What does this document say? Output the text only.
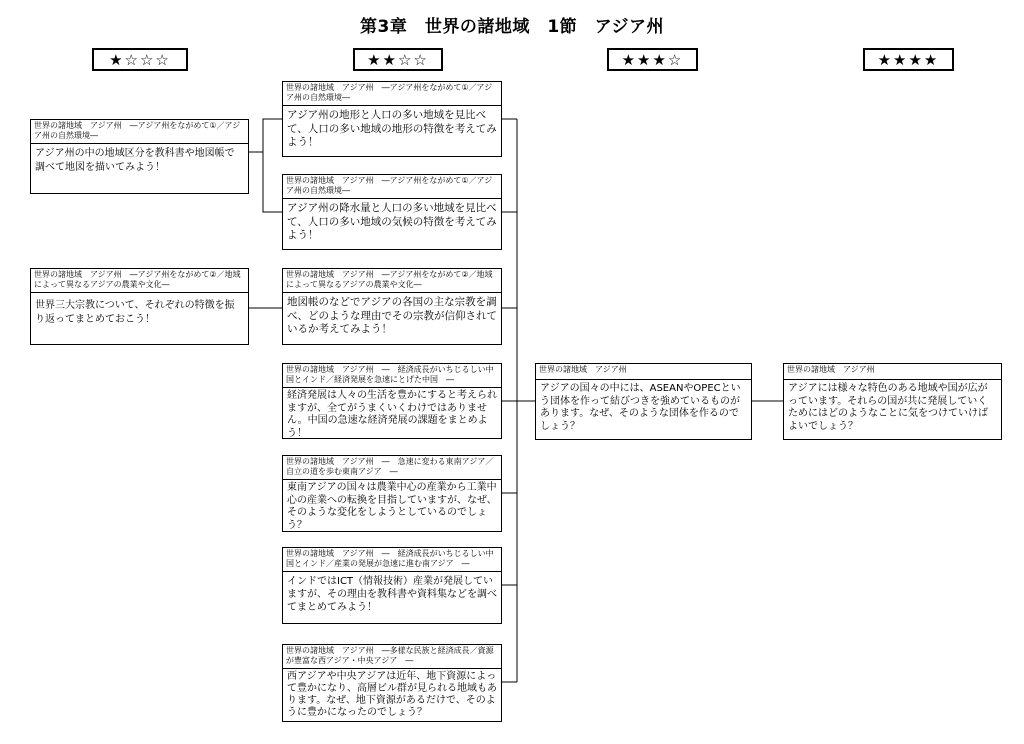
第3章　世界の諸地域　1節　アジア州
★☆☆☆	★★☆☆	★★★☆	★★★★
世界の諸地域　アジア州　―アジア州をながめて①／アジア州の自然環境―
アジア州の中の地域区分を教科書や地図帳で調べて地図を描いてみよう！
世界の諸地域　アジア州　―アジア州をながめて②／地域によって異なるアジアの農業や文化―
世界三大宗教について、それぞれの特徴を振り返ってまとめておこう！
世界の諸地域　アジア州　―アジア州をながめて①／アジア州の自然環境―
アジア州の地形と人口の多い地域を見比べて、人口の多い地域の地形の特徴を考えてみよう！
世界の諸地域　アジア州　―アジア州をながめて①／アジア州の自然環境―
アジア州の降水量と人口の多い地域を見比べて、人口の多い地域の気候の特徴を考えてみよう！
世界の諸地域　アジア州　―アジア州をながめて②／地域によって異なるアジアの農業や文化―
地図帳のなどでアジアの各国の主な宗教を調べ、どのような理由でその宗教が信仰されているか考えてみよう！
世界の諸地域　アジア州　―　経済成長がいちじるしい中国とインド／経済発展を急速にとげた中国　―
経済発展は人々の生活を豊かにすると考えられますが、全てがうまくいくわけではありません。中国の急速な経済発展の課題をまとめよう！
世界の諸地域　アジア州　―　急速に変わる東南アジア／自立の道を歩む東南アジア　―
東南アジアの国々は農業中心の産業から工業中心の産業への転換を目指していますが、なぜ、そのような変化をしようとしているのでしょう？
世界の諸地域　アジア州　―　経済成長がいちじるしい中国とインド／産業の発展が急速に進む南アジア　―
インドではICT（情報技術）産業が発展していますが、その理由を教科書や資料集などを調べてまとめてみよう！
世界の諸地域　アジア州　―多様な民族と経済成長／資源が豊富な西アジア・中央アジア　―
西アジアや中央アジアは近年、地下資源によって豊かになり、高層ビル群が見られる地域もあります。なぜ、地下資源があるだけで、そのように豊かになったのでしょう？
世界の諸地域　アジア州
アジアの国々の中には、ASEANやOPECという団体を作って結びつきを強めているものがあります。なぜ、そのような団体を作るのでしょう？
世界の諸地域　アジア州
アジアには様々な特色のある地域や国が広がっています。それらの国が共に発展していくためにはどのようなことに気をつけていけばよいでしょう？
